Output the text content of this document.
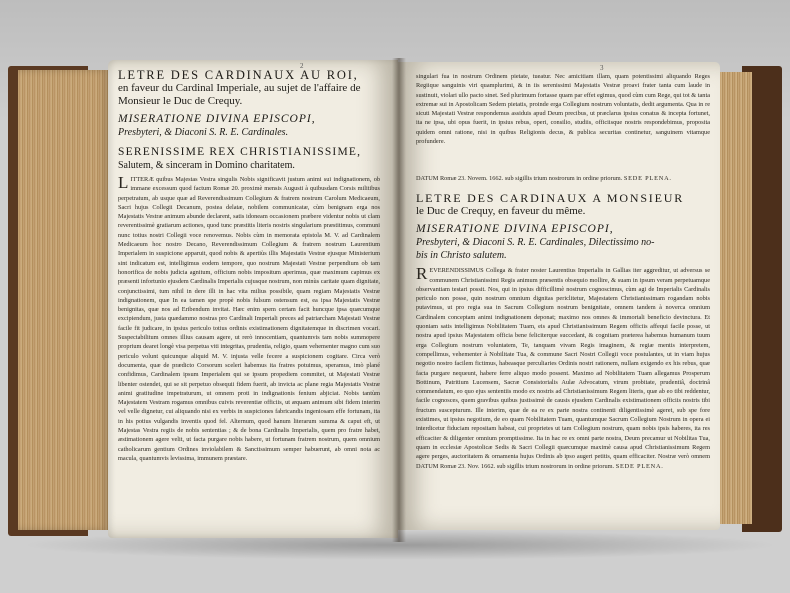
2
LETRE DES CARDINAUX AU ROI,
en faveur du Cardinal Imperiale, au sujet de l'affaire de
Monsieur le Duc de Crequy.
MISERATIONE DIVINA EPISCOPI,
Presbyteri, & Diaconi S. R. E. Cardinales.
SERENISSIME REX CHRISTIANISSIME,
Salutem, & sinceram in Domino charitatem.
LITTERÆ quibus Majestas Vestra singulis Nobis significavit justum animi sui indignationem, ob immane excessum quod factum Romæ 20. proximè mensis Augusti à quibusdam Corsis militibus perpetratum, ab usque quæ ad Reverendissimum Collegium & fratrem nostrum Carolum Medicaeum, Sacri hujus Collegii Decanum, postea delatæ, nobilem communicatæ, cùm benignam erga nos Majestatis Vestræ animum abunde declarent, satis idoneam occasionem præbere videntur nobis ut clam reverentissimè gratiarum actiones, quod tunc præstitis literis nostris singularium præstitimus, communi nunc totius nostri Collegii voce renovemus. Nobis cùm in memorata epistola M. V. ad Cardinalem Medicaeum hoc nostro Decano, Reverendissimum Collegium & fratrem nostrum Laurentium Imperialem in suspicione apparuit, quod nobis & apertiùs illis Majestatis Vestræ ejusque Ministerium sint indicatum est, intelligimus eodem tempore, quo nostrum Majestati Vestræ perpendium ob tam honorifica de nobis judicia agnitum, officium nobis impositum aperimus, quæ maximum capimus ex præsenti infortunio ejusdem Cardinalis Imperialis cujusque nostrum, non minùs caritate quam dignitate, conjunctissimi, tum nihil in dere illi in hac vita milius possibile, quam regiam Majestatis Vestræ indignationem, quæ In ea tamen spe propè nobis fulsum ostensum est, ea ipsa Majestatis Vestræ benignitas, quæ nos ad Eribendum invitat. Hæc enim spem certam facit huncque ipsa quæcumque excipiendum, justa quædammo nostras pro Cardinali Imperiali preces ad patriarcham Majestati Vestræ facile fit judicare, in ipsius periculo totius ordinis existimationem dignitatemque in discrimen vocari. Suspectabilitum omnes illius causam agere, ut rerò innocentiam, quantumvis tam nobis summopere proprium dearet longè visa perpetua viti integritas, prudentia, religio, quam vehementer magno cum suo periculo volunt quicunque aliquid M. V. injusta velle fecere a suspicionem cogitare. Circa verò documenta, quæ de prædicto Corsorum sceleri habemus ita fratres potuimus, speramus, imò plané confidimus, Cardinalem ipsum Imperialem qui se ipsum propediem commitet, ut Majestati Vestræ libenter ostendet, qui se sit perpetuo obsequii fidem fuerit, ab invicta ac plane regia Majestatis Vestræ animi gratitudine impetraturum, ut omnem proti in indignationis fenium abjiciat. Nobis tantùm Majestatem Vestram rogamus omnibus cuivis reverentiæ officiis, ut æquam animum sibi fidem interim vel velle dignetur, cui aliquando nisi ex verbis in suspiciones fabricandis ingeniosam effe fortunam, ita in his potius vulgandis inventis quod fel. Alternum, quod hanum literarum summa & caput eft, ut Majestas Vestra regiis de nobis sententias ; & de bona Cardinalis Imperialis, quem pro fratre habet, æstimationem agere velit, ut facta purgare nobis habere, ut fortunam fratrem nostrum, quem omnium catholicarum gentium Ordines inviolabilem & Sanctissimum semper habuerunt, ab omni nota ac macula, quantumvis levissima, immunem præstare.
3
singulari fua in nostrum Ordinem pietate, tueatur. Nec amicitiam illam, quam potentissimi aliquando Reges Regiique sanguinis viri quamplurimi, & in iis serenissimi Majestatis Vestræ proavi frater tanta cum laude in sustinuit, violari ullo pacto sinet. Sed plurimum fortasse quam par effet egimus, quod cùm cum Rege, qui tot & tanta extremæ sui in Apostolicam Sedem pietatis, proinde erga Collegium nostrum voluntatis, dedit argumenta. Qua in re sicuti Majestati Vestræ respondemus assiduis apud Deum precibus, ut præclarus ipsius conatus & incepta fortunet, ita ne ipsa, ubi opus fuerit, in ipsius rebus, operi, consilio, studiis, officiisque nostris respondebimus, proposita quidem omni ratione, nisi in quibus Religionis decus, & publica securitas continetur, sanguinem vitamque profundere.
DATUM Romæ 23. Novem. 1662. sub sigillis trium nostrorum in ordine priorum. SEDE PLENA.
LETRE DES CARDINAUX A MONSIEUR
le Duc de Crequy, en faveur du même.
MISERATIONE DIVINA EPISCOPI,
Presbyteri, & Diaconi S. R. E. Cardinales, Dilectissimo no-
bis in Christo salutem.
REVERENDISSIMUS Collega & frater noster Laurentius Imperialis in Gallias iter aggreditur, ut adversus se communem Christianissimi Regis animum præsentis obsequio mollire, & suam in ipsum veram perpetuamque observantiam testari possit. Nos, qui in ipsius difficillimè nostrum cognoscimus, cùm agi de Imperialis Cardinalis periculo non posse, quin nostrum omnium dignitas periclitetur, Majestatem Christianissimam rogandam nobis putavimus, ut pro regia sua in Sacrum Collegium nostrum benignitate, omnem tandem à noverca omnium Cardinalem conceptam animi indignationem deponat; maximo nos omnes & immortali beneficio devinctura. Et quoniam satis intelligimus Nobilitatem Tuam, eis apud Christianissimum Regem officiis affequi facile posse, ut nostra apud ipsius Majestatem officia bene feliciterque succedant, & cognitam præterea habemus humanum tuum erga Collegium nostrum voluntatem, Te, tanquam vivam Regis imaginem, & regiæ mentis interpretem, compellimus, vehementer à Nobilitate Tua, & commune Sacri Nostri Collegii voce postulantes, ut in viam hujus negotio nostro facilem fictimus, habeasque perculiaries Ordinis nostri rationem, nullam exigendo ex his rebus, quæ facta purgare nequeunt, habere ferre aliquo modo possent. Maximo ad Nobilitatem Tuam allegamus Prosperum Bottinum, Patritium Lucensem, Sacræ Consistorialis Aulæ Advocatum, virum probitate, prudentiâ, doctrinâ commendatum, eo quo ejus sententiis modo ex nostris ad Christianissimum Regem literis, quæ ab eo tibi reddentur, facile cognosces, quem gravibus quibus justissimè de causis ejusdem Cardinalis existimationem officiis nostris tibi fructum suscepturum. Ille interim, quæ de ea re ex parte nostra continenti diligentissimè ageret, sub spe fore existimes, ut ipsius negotium, de eo quam Nobilitatem Tuam, quantumque Sacrum Collegium Nostrum in opera ei interdicetur fiduciam repositam habeat, cui proprietes ut tam Collegium nostrum, quam nobis ipsis haberes, ita res efficaciter & diligenter omnium promptissime. Ita in hac re ex omni parte nostra, Deum precamur ut Nobilitas Tua, quam in ecclesiæ Apostolicæ Sedis & Sacri Collegii quæcumque maximè causa apud Christianissimum Regem agere perges, auctoritatem & ornamenta hujus Ordinis ab ipso augeri petitis, quam efficaciter. Nostræ verò omnem
DATUM Romæ 23. Nov. 1662. sub sigillis trium nostrorum in ordine priorum. SEDE PLENA.
